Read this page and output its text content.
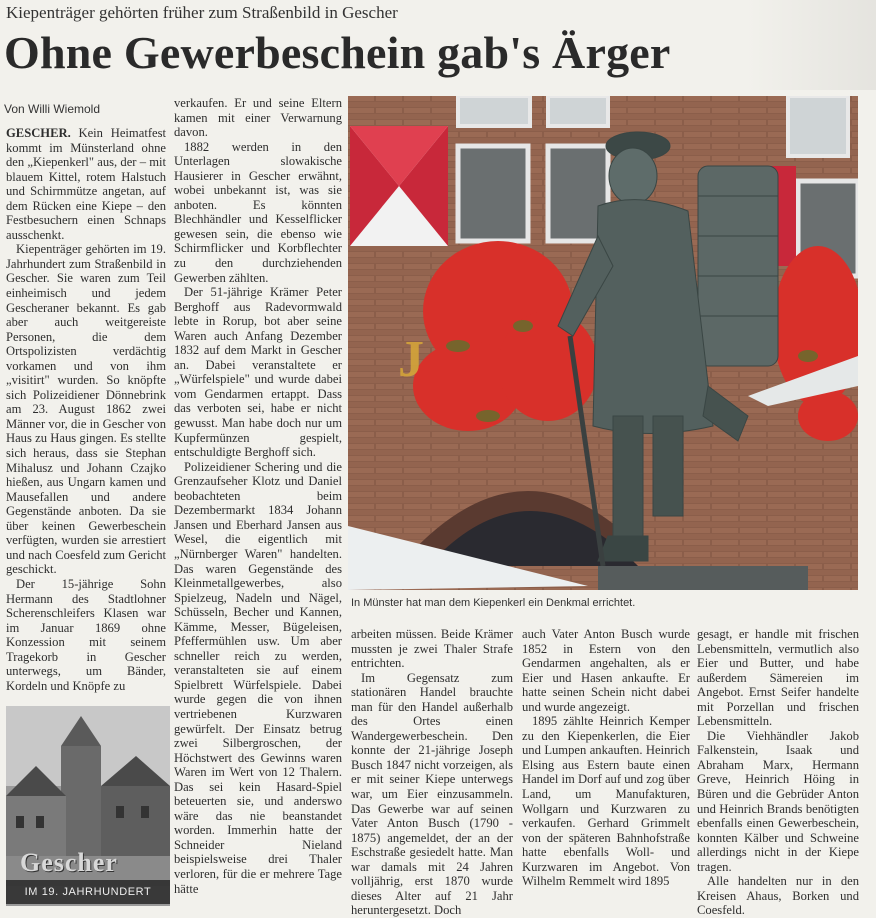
Kiepenträger gehörten früher zum Straßenbild in Gescher
Ohne Gewerbeschein gab's Ärger
Von Willi Wiemold

GESCHER. Kein Heimatfest kommt im Münsterland ohne den „Kiepenkerl" aus, der – mit blauem Kittel, rotem Halstuch und Schirmmütze angetan, auf dem Rücken eine Kiepe – den Festbesuchern einen Schnaps ausschenkt.

Kiepenträger gehörten im 19. Jahrhundert zum Straßenbild in Gescher. Sie waren zum Teil einheimisch und jedem Gescheraner bekannt. Es gab aber auch weitgereiste Personen, die dem Ortspolizisten verdächtig vorkamen und von ihm „visitirt" wurden. So knöpfte sich Polizeidiener Dönnebrink am 23. August 1862 zwei Männer vor, die in Gescher von Haus zu Haus gingen. Es stellte sich heraus, dass sie Stephan Mihalusz und Johann Czajko hießen, aus Ungarn kamen und Mausefallen und andere Gegenstände anboten. Da sie über keinen Gewerbeschein verfügten, wurden sie arrestiert und nach Coesfeld zum Gericht geschickt.

Der 15-jährige Sohn Hermann des Stadtlohner Scherenschleifers Klasen war im Januar 1869 ohne Konzession mit seinem Tragekorb in Gescher unterwegs, um Bänder, Kordeln und Knöpfe zu

verkaufen. Er und seine Eltern kamen mit einer Verwarnung davon.

1882 werden in den Unterlagen slowakische Hausierer in Gescher erwähnt, wobei unbekannt ist, was sie anboten. Es könnten Blechhändler und Kesselflicker gewesen sein, die ebenso wie Schirmflicker und Korbflechter zu den durchziehenden Gewerben zählten.

Der 51-jährige Krämer Peter Berghoff aus Radevormwald lebte in Rorup, bot aber seine Waren auch Anfang Dezember 1832 auf dem Markt in Gescher an. Dabei veranstaltete er „Würfelspiele" und wurde dabei vom Gendarmen ertappt. Dass das verboten sei, habe er nicht gewusst. Man habe doch nur um Kupfermünzen gespielt, entschuldigte Berghoff sich.

Polizeidiener Schering und die Grenzaufseher Klotz und Daniel beobachteten beim Dezembermarkt 1834 Johann Jansen und Eberhard Jansen aus Wesel, die eigentlich mit „Nürnberger Waren" handelten. Das waren Gegenstände des Kleinmetallgewerbes, also Spielzeug, Nadeln und Nägel, Schüsseln, Becher und Kannen, Kämme, Messer, Bügeleisen, Pfeffermühlen usw. Um aber schneller reich zu werden, veranstalteten sie auf einem Spielbrett Würfelspiele. Dabei wurde gegen die von ihnen vertriebenen Kurzwaren gewürfelt. Der Einsatz betrug zwei Silbergroschen, der Höchstwert des Gewinns waren Waren im Wert von 12 Thalern. Das sei kein Hasard-Spiel beteuerten sie, und anderswo wäre das nie beanstandet worden. Immerhin hatte der Schneider Nieland beispielsweise drei Thaler verloren, für die er mehrere Tage hätte

J
In Münster hat man dem Kiepenkerl ein Denkmal errichtet.

arbeiten müssen. Beide Krämer mussten je zwei Thaler Strafe entrichten.

Im Gegensatz zum stationären Handel brauchte man für den Handel außerhalb des Ortes einen Wandergewerbeschein. Den konnte der 21-jährige Joseph Busch 1847 nicht vorzeigen, als er mit seiner Kiepe unterwegs war, um Eier einzusammeln. Das Gewerbe war auf seinen Vater Anton Busch (1790 - 1875) angemeldet, der an der Eschstraße gesiedelt hatte. Man war damals mit 24 Jahren volljährig, erst 1870 wurde dieses Alter auf 21 Jahr heruntergesetzt. Doch

auch Vater Anton Busch wurde 1852 in Estern von den Gendarmen angehalten, als er Eier und Hasen ankaufte. Er hatte seinen Schein nicht dabei und wurde angezeigt.

1895 zählte Heinrich Kemper zu den Kiepenkerlen, die Eier und Lumpen ankauften. Heinrich Elsing aus Estern baute einen Handel im Dorf auf und zog über Land, um Manufakturen, Wollgarn und Kurzwaren zu verkaufen. Gerhard Grimmelt von der späteren Bahnhofstraße hatte ebenfalls Woll- und Kurzwaren im Angebot. Von Wilhelm Remmelt wird 1895

gesagt, er handle mit frischen Lebensmitteln, vermutlich also Eier und Butter, und habe außerdem Sämereien im Angebot. Ernst Seifer handelte mit Porzellan und frischen Lebensmitteln.

Die Viehhändler Jakob Falkenstein, Isaak und Abraham Marx, Hermann Greve, Heinrich Höing in Büren und die Gebrüder Anton und Heinrich Brands benötigten ebenfalls einen Gewerbeschein, konnten Kälber und Schweine allerdings nicht in der Kiepe tragen.

Alle handelten nur in den Kreisen Ahaus, Borken und Coesfeld.

Gescher
IM 19. JAHRHUNDERT
